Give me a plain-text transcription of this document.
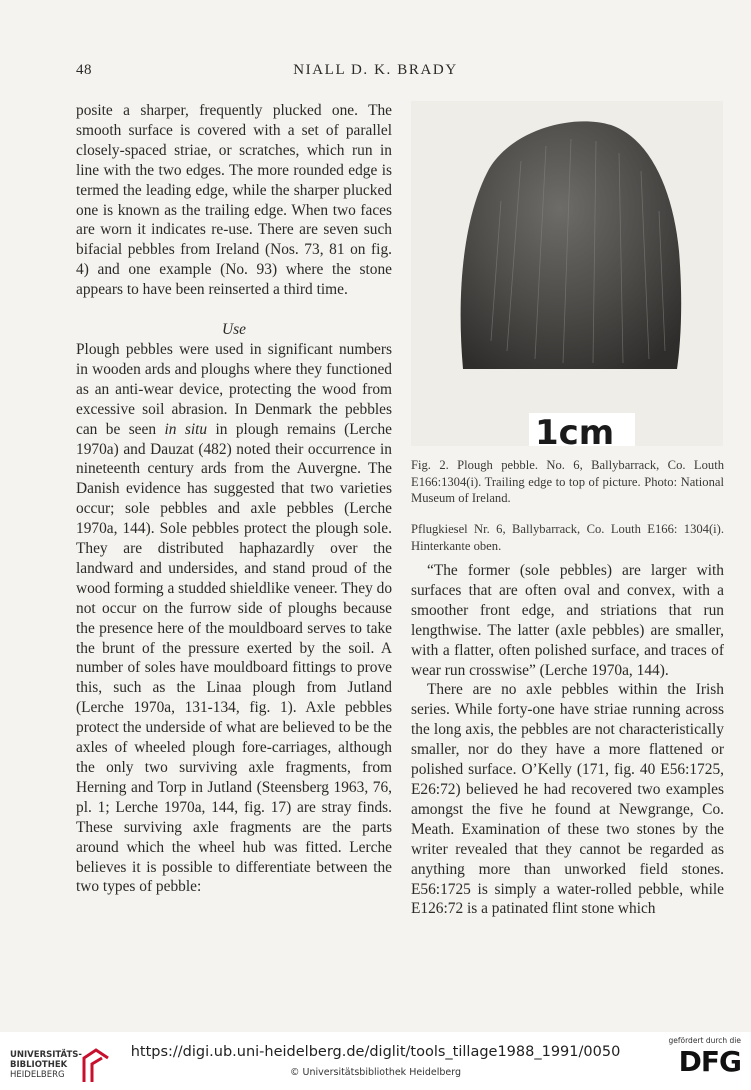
48	NIALL D. K. BRADY

posite a sharper, frequently plucked one. The smooth surface is covered with a set of parallel closely-spaced striae, or scratches, which run in line with the two edges. The more rounded edge is termed the leading edge, while the sharper plucked one is known as the trailing edge. When two faces are worn it indicates re-use. There are seven such bifacial pebbles from Ireland (Nos. 73, 81 on fig. 4) and one example (No. 93) where the stone appears to have been reinserted a third time.

Use

Plough pebbles were used in significant numbers in wooden ards and ploughs where they functioned as an anti-wear device, protecting the wood from excessive soil abrasion. In Denmark the pebbles can be seen in situ in plough remains (Lerche 1970a) and Dauzat (482) noted their occurrence in nineteenth century ards from the Auvergne. The Danish evidence has suggested that two varieties occur; sole pebbles and axle pebbles (Lerche 1970a, 144). Sole pebbles protect the plough sole. They are distributed haphazardly over the landward and undersides, and stand proud of the wood forming a studded shieldlike veneer. They do not occur on the furrow side of ploughs because the presence here of the mouldboard serves to take the brunt of the pressure exerted by the soil. A number of soles have mouldboard fittings to prove this, such as the Linaa plough from Jutland (Lerche 1970a, 131-134, fig. 1). Axle pebbles protect the underside of what are believed to be the axles of wheeled plough fore-carriages, although the only two surviving axle fragments, from Herning and Torp in Jutland (Steensberg 1963, 76, pl. 1; Lerche 1970a, 144, fig. 17) are stray finds. These surviving axle fragments are the parts around which the wheel hub was fitted. Lerche believes it is possible to differentiate between the two types of pebble:

1cm

Fig. 2. Plough pebble. No. 6, Ballybarrack, Co. Louth E166:1304(i). Trailing edge to top of picture. Photo: National Museum of Ireland.

Pflugkiesel Nr. 6, Ballybarrack, Co. Louth E166: 1304(i). Hinterkante oben.

“The former (sole pebbles) are larger with surfaces that are often oval and convex, with a smoother front edge, and striations that run lengthwise. The latter (axle pebbles) are smaller, with a flatter, often polished surface, and traces of wear run crosswise” (Lerche 1970a, 144).

There are no axle pebbles within the Irish series. While forty-one have striae running across the long axis, the pebbles are not characteristically smaller, nor do they have a more flattened or polished surface. O’Kelly (171, fig. 40 E56:1725, E26:72) believed he had recovered two examples amongst the five he found at Newgrange, Co. Meath. Examination of these two stones by the writer revealed that they cannot be regarded as anything more than unworked field stones. E56:1725 is simply a water-rolled pebble, while E126:72 is a patinated flint stone which

UNIVERSITÄTS-
BIBLIOTHEK
HEIDELBERG
https://digi.ub.uni-heidelberg.de/diglit/tools_tillage1988_1991/0050
© Universitätsbibliothek Heidelberg
gefördert durch die
DFG
